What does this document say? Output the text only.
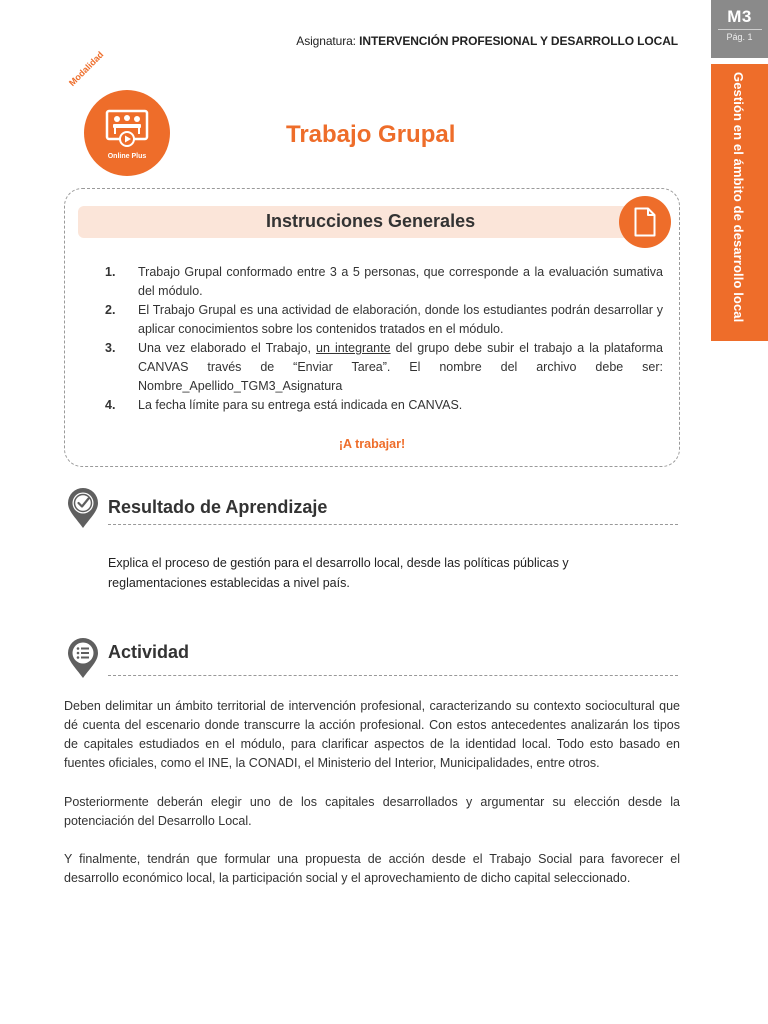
Asignatura: INTERVENCIÓN PROFESIONAL Y DESARROLLO LOCAL
M3
Pág. 1
Gestión en el ámbito de desarrollo local
Modalidad
Online Plus
Trabajo Grupal
Instrucciones Generales
1. Trabajo Grupal conformado entre 3 a 5 personas, que corresponde a la evaluación sumativa del módulo.
2. El Trabajo Grupal es una actividad de elaboración, donde los estudiantes podrán desarrollar y aplicar conocimientos sobre los contenidos tratados en el módulo.
3. Una vez elaborado el Trabajo, un integrante del grupo debe subir el trabajo a la plataforma CANVAS través de “Enviar Tarea”. El nombre del archivo debe ser: Nombre_Apellido_TGM3_Asignatura
4. La fecha límite para su entrega está indicada en CANVAS.
¡A trabajar!
Resultado de Aprendizaje
Explica el proceso de gestión para el desarrollo local, desde las políticas públicas y reglamentaciones establecidas a nivel país.
Actividad

Deben delimitar un ámbito territorial de intervención profesional, caracterizando su contexto sociocultural que dé cuenta del escenario donde transcurre la acción profesional. Con estos antecedentes analizarán los tipos de capitales estudiados en el módulo, para clarificar aspectos de la identidad local. Todo esto basado en fuentes oficiales, como el INE, la CONADI, el Ministerio del Interior, Municipalidades, entre otros.

Posteriormente deberán elegir uno de los capitales desarrollados y argumentar su elección desde la potenciación del Desarrollo Local.

Y finalmente, tendrán que formular una propuesta de acción desde el Trabajo Social para favorecer el desarrollo económico local, la participación social y el aprovechamiento de dicho capital seleccionado.
